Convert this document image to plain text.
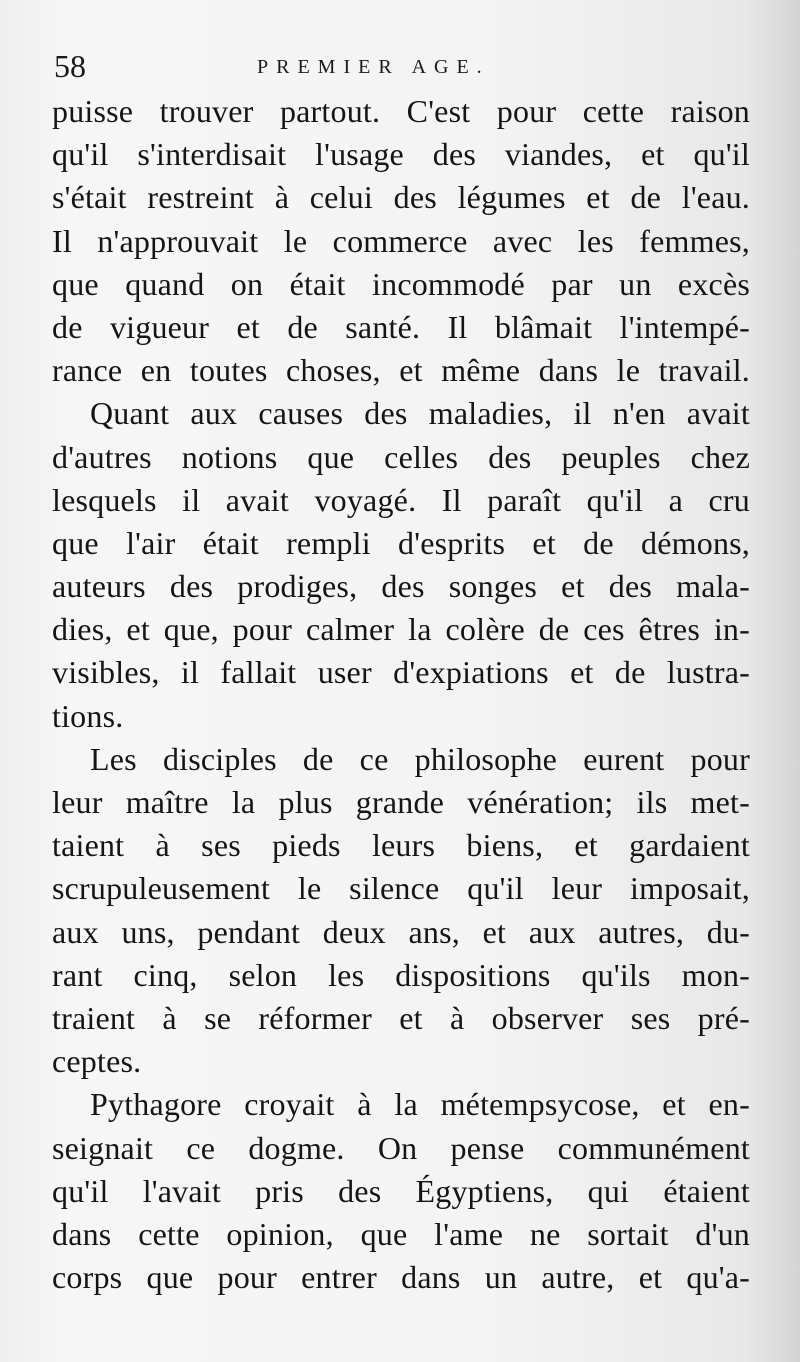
58	PREMIER AGE.
puisse trouver partout. C'est pour cette raison
qu'il s'interdisait l'usage des viandes, et qu'il
s'était restreint à celui des légumes et de l'eau.
Il n'approuvait le commerce avec les femmes,
que quand on était incommodé par un excès
de vigueur et de santé. Il blâmait l'intempé-
rance en toutes choses, et même dans le travail.
Quant aux causes des maladies, il n'en avait
d'autres notions que celles des peuples chez
lesquels il avait voyagé. Il paraît qu'il a cru
que l'air était rempli d'esprits et de démons,
auteurs des prodiges, des songes et des mala-
dies, et que, pour calmer la colère de ces êtres in-
visibles, il fallait user d'expiations et de lustra-
tions.
Les disciples de ce philosophe eurent pour
leur maître la plus grande vénération; ils met-
taient à ses pieds leurs biens, et gardaient
scrupuleusement le silence qu'il leur imposait,
aux uns, pendant deux ans, et aux autres, du-
rant cinq, selon les dispositions qu'ils mon-
traient à se réformer et à observer ses pré-
ceptes.
Pythagore croyait à la métempsycose, et en-
seignait ce dogme. On pense communément
qu'il l'avait pris des Égyptiens, qui étaient
dans cette opinion, que l'ame ne sortait d'un
corps que pour entrer dans un autre, et qu'a-
